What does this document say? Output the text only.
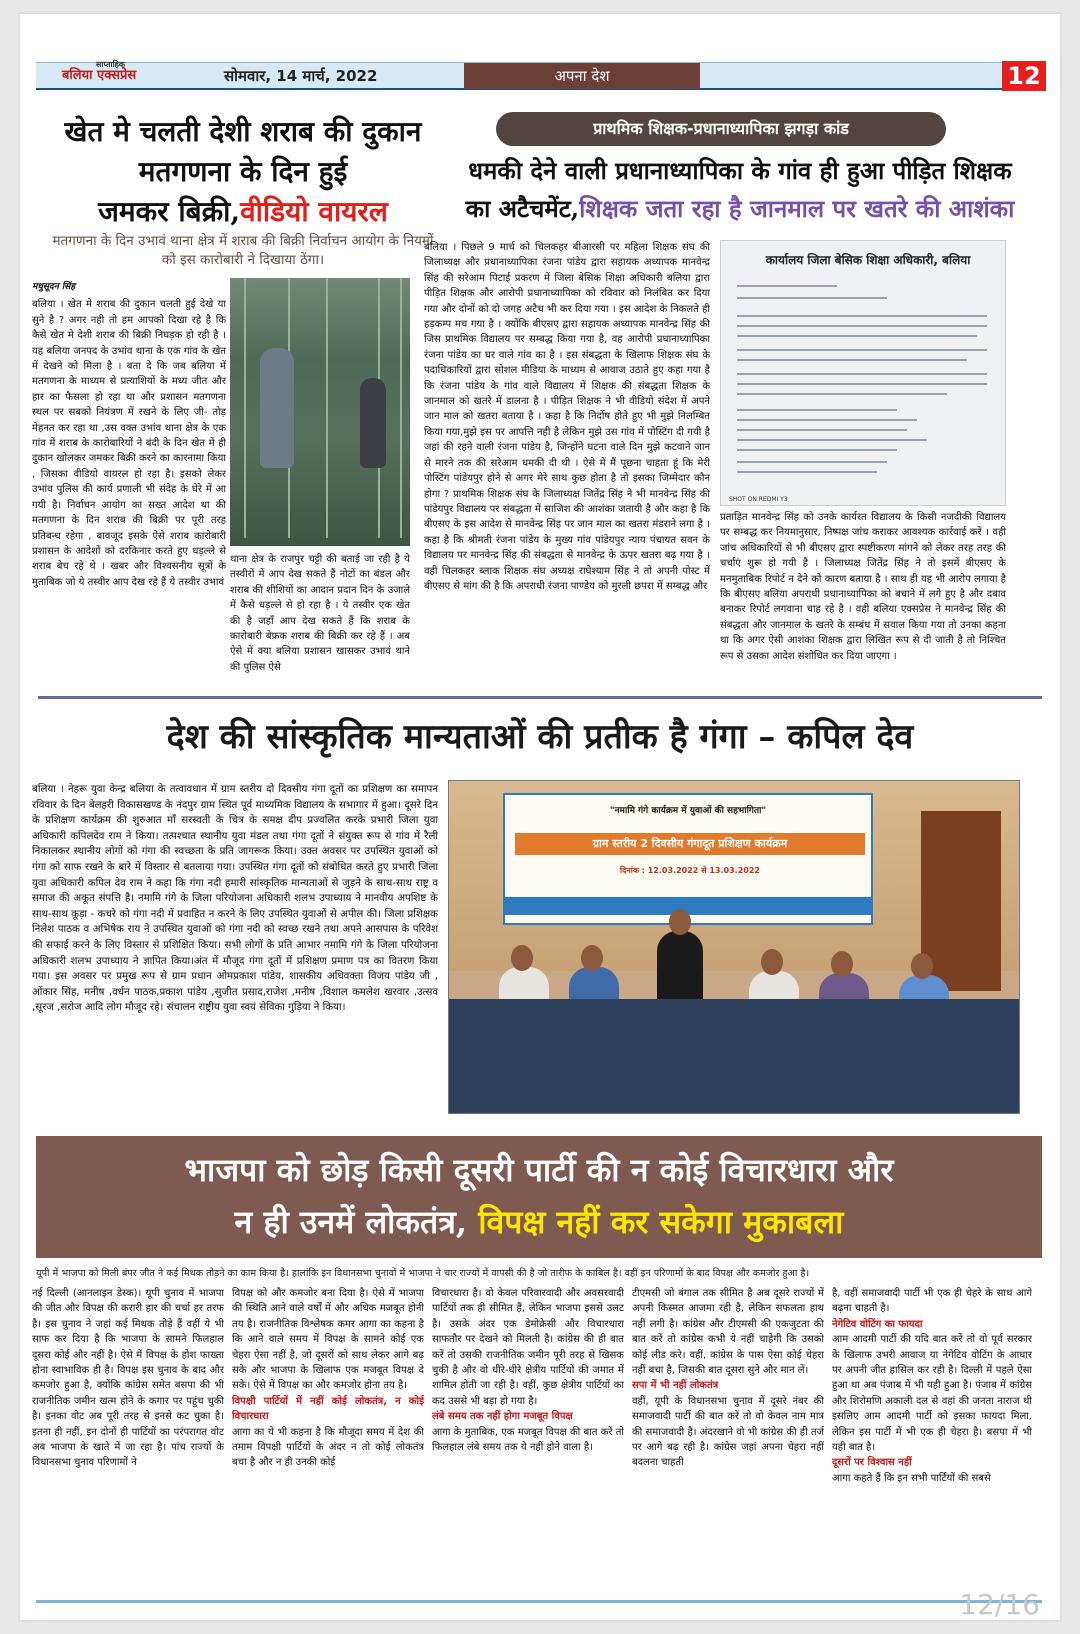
साप्ताहिक
बलिया एक्सप्रेस	सोमवार, 14 मार्च, 2022	अपना देश	12
खेत मे चलती देशी शराब की दुकान
मतगणना के दिन हुई
जमकर बिक्री,वीडियो वायरल
मतगणना के दिन उभावं थाना क्षेत्र में शराब की बिक्री निर्वाचन आयोग के नियमों को इस कारोबारी ने दिखाया ठेंगा।
मधुसूदन सिंह
बलिया । खेत मे शराब की दुकान चलती हुई देखे या सुने है ? अगर नही तो हम आपको दिखा रहे है कि कैसे खेत मे देशी शराब की बिक्री निघड़क हो रही है । यह बलिया जनपद के उभांव थाना के एक गांव के खेत में देखने को मिला है । बता दे कि जब बलिया में मतगणना के माध्यम से प्रत्याशियों के मध्य जीत और हार का फैसला हो रहा था और प्रशासन मतगणना स्थल पर सबको नियंत्रण में रखने के लिए जी- तोड़ मेहनत कर रहा था ,उस वक्त उभांव थाना क्षेत्र के एक गांव में शराब के कारोबारियों ने बंदी के दिन खेत में ही दुकान खोलकर जमकर बिक्री करने का कारनामा किया , जिसका वीडियो वायरल हो रहा है। इसको लेकर उभांव पुलिस की कार्य प्रणाली भी संदेह के घेरे में आ गयी है। निर्वाचन आयोग का सख्त आदेश था की मतगणना के दिन शराब की बिक्री पर पूरी तरह प्रतिबन्ध रहेगा , बावजूद इसके ऐसे शराब कारोबारी प्रशासन के आदेशों को दरकिनार करते हुए धड़ल्ले से शराब बेच रहे थे । खबर और विश्वसनीय सूत्रों के मुताबिक जो ये तस्वीर आप देख रहे हैं ये तस्वीर उभावं
थाना क्षेत्र के राजपुर चट्टी की बताई जा रही है ये तस्वीरों में आप देख सकते हैं नोटों का बंडल और शराब की शीशियों का आदान प्रदान दिन के उजाले में कैसे धड़ल्ले से हो रहा है । ये तस्वीर एक खेत की है जहाँ आप देख सकते हैं कि शराब के कारोबारी बेफ्रक शराब की बिक्री कर रहे हैं । अब ऐसे में क्या बलिया प्रशासन खासकर उभावं थाने की पुलिस ऐसे
प्राथमिक शिक्षक-प्रधानाध्यापिका झगड़ा कांड
धमकी देने वाली प्रधानाध्यापिका के गांव ही हुआ पीड़ित शिक्षक
का अटैचमेंट,शिक्षक जता रहा है जानमाल पर खतरे की आशंका
बलिया । पिछले 9 मार्च को चिलकहर बीआरसी पर महिला शिक्षक संघ की जिलाध्यक्ष और प्रधानाध्यापिका रंजना पांडेय द्वारा सहायक अध्यापक मानवेन्द्र सिंह की सरेआम पिटाई प्रकरण में जिला बेसिक शिक्षा अधिकारी बलिया द्वारा पीड़ित शिक्षक और आरोपी प्रधानाध्यापिका को रविवार को निलंबित कर दिया गया और दोनों को दो जगह अटैच भी कर दिया गया । इस आदेश के निकलते ही हड़कम्प मच गया है । क्योंकि बीएसए द्वारा सहायक अध्यापक मानवेन्द्र सिंह की जिस प्राथमिक विद्यालय पर सम्बद्ध किया गया है, वह आरोपी प्रधानाध्यापिका रंजना पांडेय का घर वाले गांव का है । इस संबद्धता के खिलाफ शिक्षक संघ के पदाधिकारियों द्वारा सोशल मीडिया के माध्यम से आवाज उठाते हुए कहा गया है कि रंजना पांडेय के गांव वाले विद्यालय में शिक्षक की संबद्धता शिक्षक के जानमाल को खतरे में डालना है । पीड़ित शिक्षक ने भी वीडियो संदेश में अपने जान माल को खतरा बताया है । कहा है कि निर्दोष होते हुए भी मुझे निलम्बित किया गया,मुझे इस पर आपत्ति नही है लेकिन मुझे उस गांव में पोस्टिंग दी गयी है जहां की रहने वाली रंजना पांडेय है, जिन्होंने घटना वाले दिन मुझे कटवाने जान से मारने तक की सरेआम धमकी दी थी । ऐसे में मैं पूछना चाहता हूं कि मेरी पोस्टिंग पांडेयपुर होने से अगर मेरे साथ कुछ होता है तो इसका जिम्मेदार कौन होगा ? प्राथमिक शिक्षक संघ के जिलाध्यक्ष जितेंद्र सिंह ने भी मानवेन्द्र सिंह की पांडेयपुर विद्यालय पर संबद्धता में साजिश की आशंका जतायी है और कहा है कि बीएसए के इस आदेश से मानवेन्द्र सिंह पर जान माल का खतरा मंडराने लगा है । कहा है कि श्रीमती रंजना पांडेय के मुख्य गांव पांडेयपुर न्याय पंचायत सवन के विद्यालय पर मानवेन्द्र सिंह की संबद्धता से मानवेन्द्र के ऊपर खतरा बढ़ गया है । वही चिलकहर ब्लाक शिक्षक संघ अध्यक्ष राघेश्याम सिंह ने तो अपनी पोस्ट में बीएसए से मांग की है कि अपराधी रंजना पाण्डेय को मुरली छपरा में सम्बद्ध और
कार्यालय जिला बेसिक शिक्षा अधिकारी, बलिया
SHOT ON REDMI Y3
प्रताड़ित मानवेन्द्र सिंह को उनके कार्यरत विद्यालय के किसी नजदीकी विद्यालय पर सम्बद्ध कर नियमानुसार, निष्पक्ष जांच कराकर आवश्यक कार्रवाई करें । वही जांच अधिकारियों से भी बीएसए द्वारा स्पष्टीकरण मांगने को लेकर तरह तरह की चर्चाएं शुरू हो गयी है । जिलाध्यक्ष जितेंद्र सिंह ने तो इसमें बीएसए के मनमुताबिक रिपोर्ट न देने को कारण बताया है । साथ ही यह भी आरोप लगाया है कि बीएसए बलिया अपराधी प्रधानाध्यापिका को बचाने में लगे हुए है और दबाव बनाकर रिपोर्ट लगवाना चाह रहे है । वही बलिया एक्सप्रेस ने मानवेन्द्र सिंह की संबद्धता और जानमाल के खतरे के सम्बंध में सवाल किया गया तो उनका कहना था कि अगर ऐसी आशंका शिक्षक द्वारा लिखित रूप से दी जाती है तो निश्चित रूप से उसका आदेश संशोधित कर दिया जाएगा ।
देश की सांस्कृतिक मान्यताओं की प्रतीक है गंगा – कपिल देव
बलिया । नेहरू युवा केन्द्र बलिया के तत्वावधान में ग्राम स्तरीय दो दिवसीय गंगा दूतों का प्रशिक्षण का समापन रविवार के दिन बेलहरी विकासखण्ड के नंदपुर ग्राम स्थित पूर्व माध्यमिक विद्यालय के सभागार में हुआ। दूसरे दिन के प्रशिक्षण कार्यक्रम की शुरुआत माँ सरस्वती के चित्र के समक्ष दीप प्रज्वलित करके प्रभारी जिला युवा अधिकारी कपिलदेव राम ने किया। तत्पश्चात स्थानीय युवा मंडल तथा गंगा दूतों ने संयुक्त रूप से गांव में रैली निकालकर स्थानीय लोगों को गंगा की स्वच्छता के प्रति जागरूक किया। उक्त अवसर पर उपस्थित युवाओं को गंगा को साफ रखने के बारे में विस्तार से बतलाया गया। उपस्थित गंगा दूतों को संबोधित करते हुए प्रभारी जिला युवा अधिकारी कपिल देव राम ने कहा कि गंगा नदी हमारी सांस्कृतिक मान्यताओं से जुड़ने के साथ-साथ राष्ट्र व समाज की अकूत संपत्ति है। नमामि गंगे के जिला परियोजना अधिकारी शलभ उपाध्याय ने मानवीय अपशिष्ट के साथ-साथ कूड़ा - कचरे को गंगा नदी में प्रवाहित न करने के लिए उपस्थित युवाओं से अपील की। जिला प्रशिक्षक निलेश पाठक व अभिषेक राय ने उपस्थित युवाओं को गंगा नदी को स्वच्छ रखने तथा अपने आसपास के परिवेश की सफाई करने के लिए विस्तार से प्रशिक्षित किया। सभी लोगों के प्रति आभार नमामि गंगे के जिला परियोजना अधिकारी शलभ उपाध्याय ने ज्ञापित किया।अंत में मौजूद गंगा दूतों में प्रशिक्षण प्रमाण पत्र का वितरण किया गया। इस अवसर पर प्रमुख रूप से ग्राम प्रधान ओमप्रकाश पांडेय, शासकीय अधिवक्ता विजय पांडेय जी , ओंकार सिंह, मनीष ,वर्धन पाठक,प्रकाश पांडेय ,सुजीत प्रसाद,राजेश ,मनीष ,विशाल कमलेश खरवार ,उत्सव ,सूरज ,सरोज आदि लोग मौजूद रहे। संचालन राष्ट्रीय युवा स्वयं सेविका गुड़िया ने किया।
"नमामि गंगे कार्यक्रम में युवाओं की सहभागिता"
ग्राम स्तरीय 2 दिवसीय गंगादूत प्रशिक्षण कार्यक्रम
दिनांक : 12.03.2022 से 13.03.2022
भाजपा को छोड़ किसी दूसरी पार्टी की न कोई विचारधारा और
न ही उनमें लोकतंत्र, विपक्ष नहीं कर सकेगा मुकाबला
यूपी में भाजपा को मिली बंपर जीत ने कई मिथक तोड़ने का काम किया है। हालांकि इन विधानसभा चुनावों में भाजपा ने चार राज्यों में वापसी की है जो तारीफ के काबिल है। वहीं इन परिणामों के बाद विपक्ष और कमजोर हुआ है।
नई दिल्ली (आनलाइन डेस्क)। यूपी चुनाव में भाजपा की जीत और विपक्ष की करारी हार की चर्चा हर तरफ है। इस चुनाव ने जहां कई मिथक तोड़े हैं वहीं ये भी साफ कर दिया है कि भाजपा के सामने फिलहाल दूसरा कोई और नहीं है। ऐसे में विपक्ष के होश फाख्ता होना स्वाभाविक ही है। विपक्ष इस चुनाव के बाद और कमजोर हुआ है, क्योंकि कांग्रेस समेत बसपा की भी राजनीतिक जमीन खत्म होने के कगार पर पहुंच चुकी है। इनका वोट अब पूरी तरह से इनसे कट चुका है। इतना ही नहीं, इन दोनों ही पार्टियों का परंपरागत वोट अब भाजपा के खाते में जा रहा है। पांच राज्यों के विधानसभा चुनाव परिणामों ने
विपक्ष को और कमजोर बना दिया है। ऐसे में भाजपा की स्थिति आने वाले वर्षों में और अधिक मजबूत होनी तय है। राजनीतिक विश्लेषक कमर आगा का कहना है कि आने वाले समय में विपक्ष के सामने कोई एक चेहरा ऐसा नहीं है, जो दूसरों को साथ लेकर आगे बढ़ सके और भाजपा के खिलाफ एक मजबूत विपक्ष दे सके। ऐसे में विपक्ष का और कमजोर होना तय है।
विपक्षी पार्टियों में नहीं कोई लोकतंत्र, न कोई विचारधारा
आगा का ये भी कहना है कि मौजूदा समय में देश की तमाम विपक्षी पार्टियों के अंदर न तो कोई लोकतंत्र बचा है और न ही उनकी कोई
विचारधारा है। वो केवल परिवारवादी और अवसरवादी पार्टियों तक ही सीमित हैं, लेकिन भाजपा इससे उलट है। उसके अंदर एक डेमोक्रेसी और विचारधारा साफतौर पर देखने को मिलती है। कांग्रेस की ही बात करें तो उसकी राजनीतिक जमीन पूरी तरह से खिसक चुकी है और वो धीरे-धीरे क्षेत्रीय पार्टियों की जमात में शामिल होती जा रही है। वहीं, कुछ क्षेत्रीय पार्टियों का कद उससे भी बड़ा हो गया है।
लंबे समय तक नहीं होगा मजबूत विपक्ष
आगा के मुताबिक, एक मजबूत विपक्ष की बात करें तो फिलहाल लंबे समय तक ये नहीं होने वाला है।
टीएमसी जो बंगाल तक सीमित है अब दूसरे राज्यों में अपनी किस्मत आजमा रही है, लेकिन सफलता हाथ नहीं लगी है। कांग्रेस और टीएमसी की एकजुटता की बात करें तो कांग्रेस कभी ये नहीं चाहेगी कि उसको कोई लीड करे। वहीं, कांग्रेस के पास ऐसा कोई चेहरा नहीं बचा है, जिसकी बात दूसरा सुने और मान लें।
सपा में भी नहीं लोकतंत्र
वहीं, यूपी के विधानसभा चुनाव में दूसरे नंबर की समाजवादी पार्टी की बात करें तो वो केवल नाम मात्र की समाजवादी है। अंदरखाने वो भी कांग्रेस की ही तर्ज पर आगे बढ़ रही है। कांग्रेस जहां अपना चेहरा नहीं बदलना चाहती
है, वहीं समाजवादी पार्टी भी एक ही चेहरे के साथ आगे बढ़ना चाहती है।
नेगेटिव वोटिंग का फायदा
आम आदमी पार्टी की यदि बात करें तो वो पूर्व सरकार के खिलाफ उभरी आवाज या नेगेटिव वोटिंग के आधार पर अपनी जीत हासिल कर रही है। दिल्ली में पहले ऐसा हुआ था अब पंजाब में भी यही हुआ है। पंजाब में कांग्रेस और शिरोमणि अकाली दल से वहां की जनता नाराज थी इसलिए आम आदमी पार्टी को इसका फायदा मिला, लेकिन इस पार्टी में भी एक ही चेहरा है। बसपा में भी यही बात है।
दूसरों पर विश्वास नहीं
आगा कहते हैं कि इन सभी पार्टियों की सबसे
12/16
